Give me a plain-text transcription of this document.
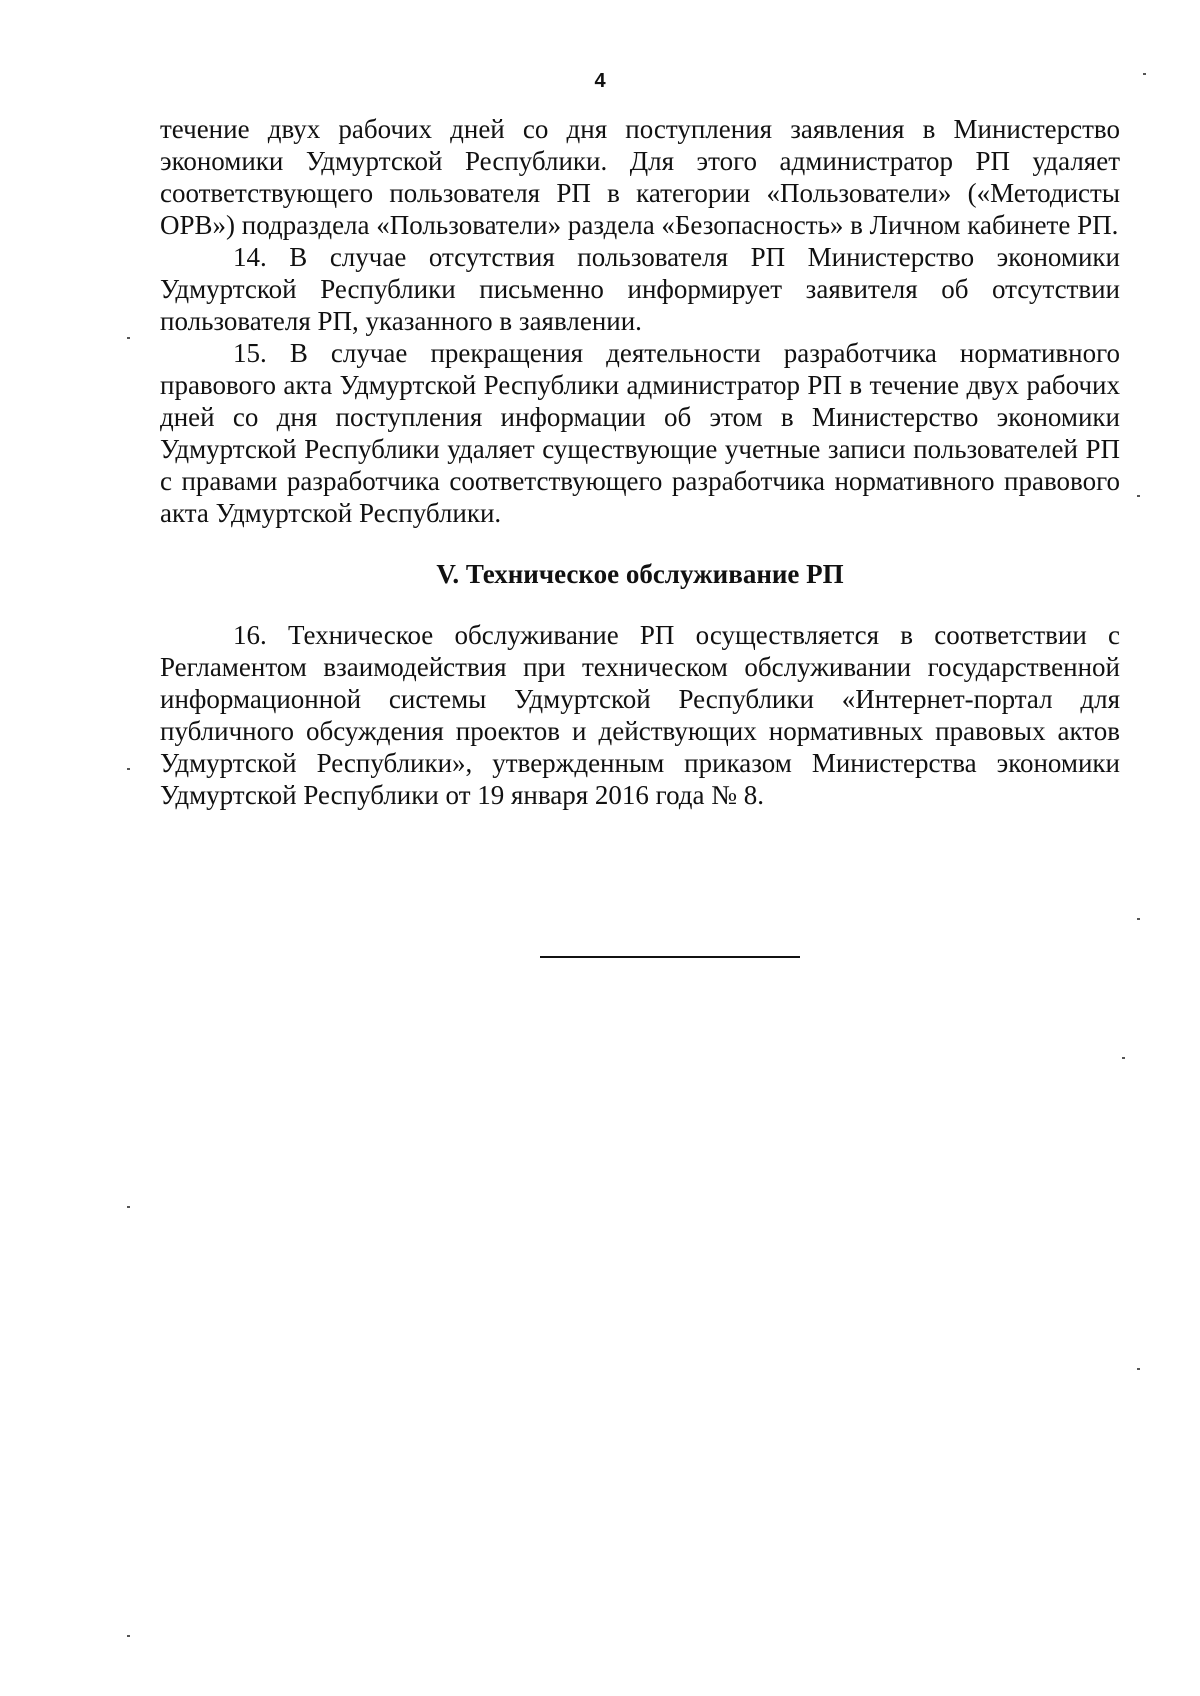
4

течение двух рабочих дней со дня поступления заявления в Министерство экономики Удмуртской Республики. Для этого администратор РП удаляет соответствующего пользователя РП в категории «Пользователи» («Методисты ОРВ») подраздела «Пользователи» раздела «Безопасность» в Личном кабинете РП.

14. В случае отсутствия пользователя РП Министерство экономики Удмуртской Республики письменно информирует заявителя об отсутствии пользователя РП, указанного в заявлении.

15. В случае прекращения деятельности разработчика нормативного правового акта Удмуртской Республики администратор РП в течение двух рабочих дней со дня поступления информации об этом в Министерство экономики Удмуртской Республики удаляет существующие учетные записи пользователей РП с правами разработчика соответствующего разработчика нормативного правового акта Удмуртской Республики.

V. Техническое обслуживание РП

16. Техническое обслуживание РП осуществляется в соответствии с Регламентом взаимодействия при техническом обслуживании государственной информационной системы Удмуртской Республики «Интернет-портал для публичного обсуждения проектов и действующих нормативных правовых актов Удмуртской Республики», утвержденным приказом Министерства экономики Удмуртской Республики от 19 января 2016 года № 8.
